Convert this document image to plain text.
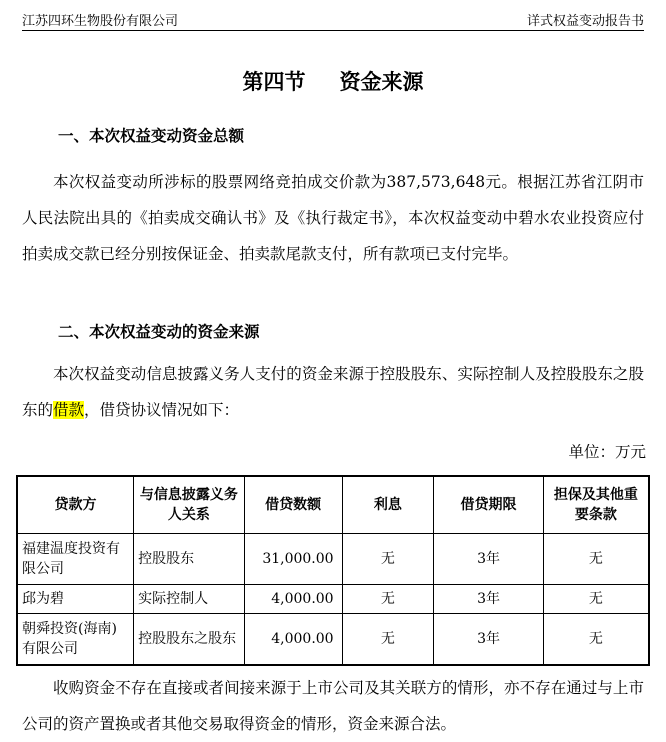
江苏四环生物股份有限公司	详式权益变动报告书
第四节 资金来源
一、本次权益变动资金总额

本次权益变动所涉标的股票网络竞拍成交价款为387,573,648元。根据江苏省江阴市人民法院出具的《拍卖成交确认书》及《执行裁定书》，本次权益变动中碧水农业投资应付拍卖成交款已经分别按保证金、拍卖款尾款支付，所有款项已支付完毕。

二、本次权益变动的资金来源

本次权益变动信息披露义务人支付的资金来源于控股股东、实际控制人及控股股东之股东的借款，借贷协议情况如下：

单位：万元
贷款方	与信息披露义务人关系	借贷数额	利息	借贷期限	担保及其他重要条款
福建温度投资有限公司	控股股东	31,000.00	无	3年	无
邱为碧	实际控制人	4,000.00	无	3年	无
朝舜投资(海南)有限公司	控股股东之股东	4,000.00	无	3年	无

收购资金不存在直接或者间接来源于上市公司及其关联方的情形，亦不存在通过与上市公司的资产置换或者其他交易取得资金的情形，资金来源合法。
